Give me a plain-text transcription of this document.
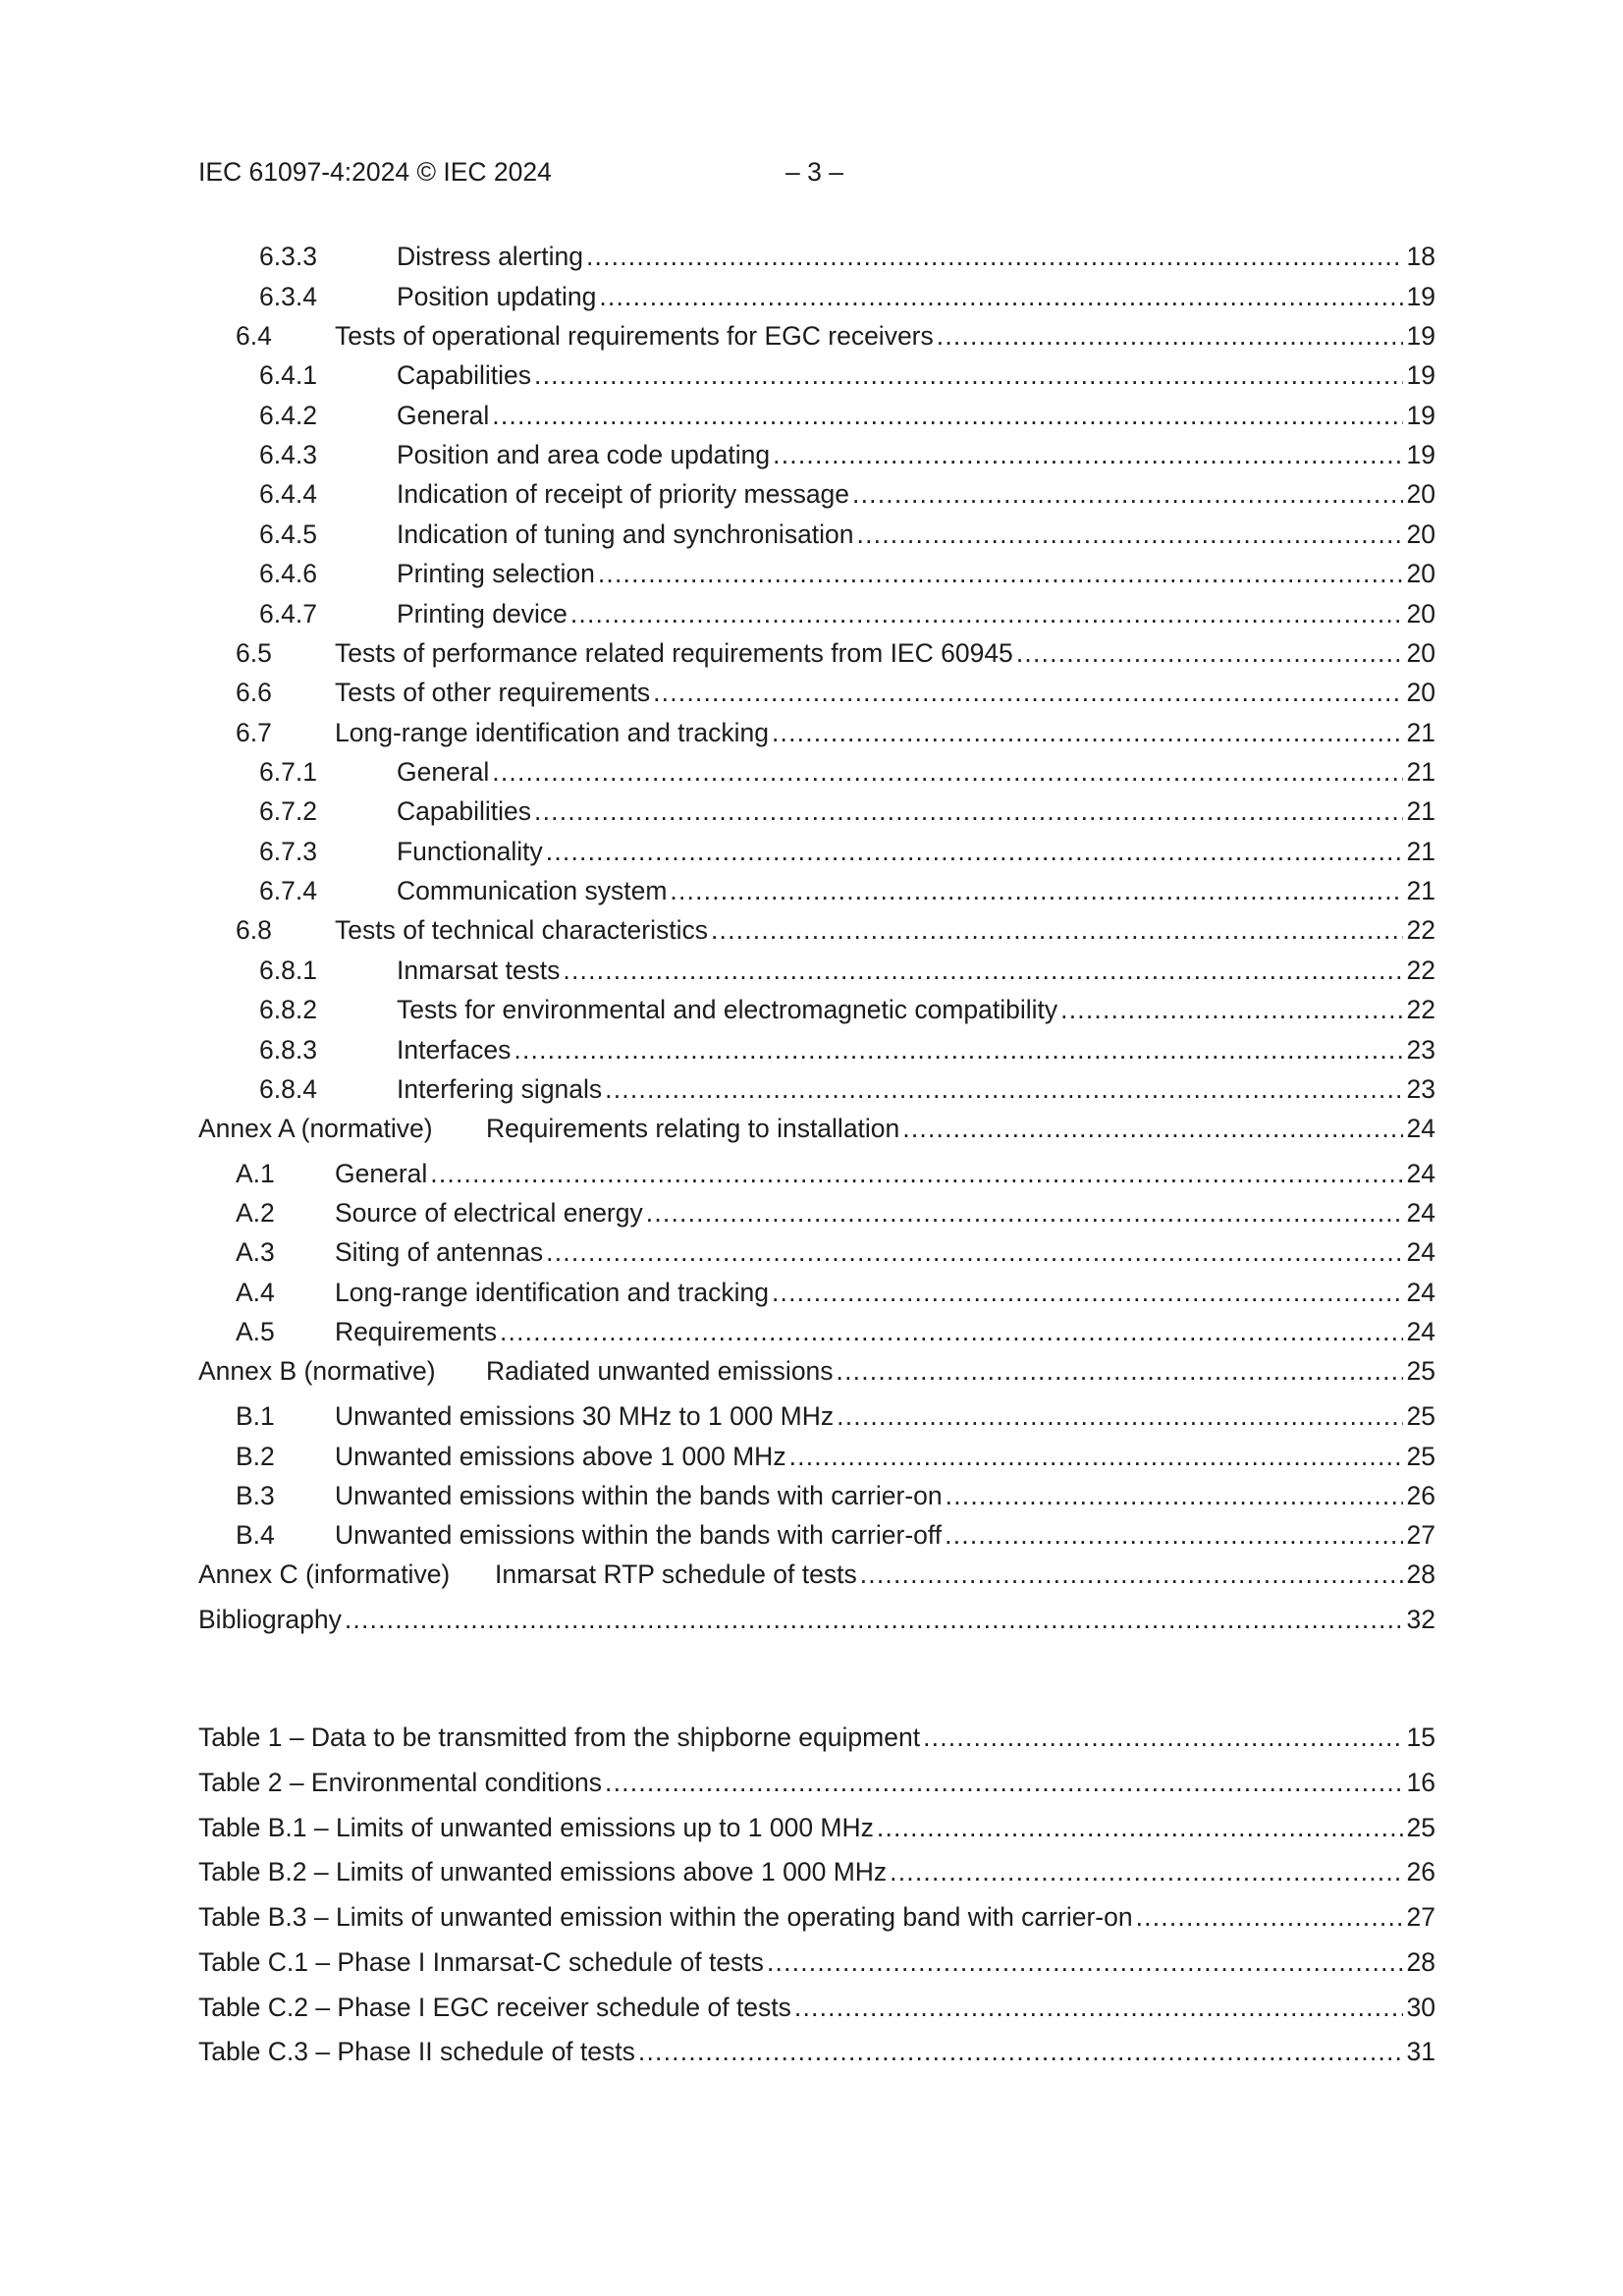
IEC 61097-4:2024 © IEC 2024	– 3 –
6.3.3	Distress alerting .....	18
6.3.4	Position updating .....	19
6.4 Tests of operational requirements for EGC receivers .....	19
6.4.1	Capabilities .....	19
6.4.2	General .....	19
6.4.3	Position and area code updating .....	19
6.4.4	Indication of receipt of priority message .....	20
6.4.5	Indication of tuning and synchronisation .....	20
6.4.6	Printing selection .....	20
6.4.7	Printing device .....	20
6.5 Tests of performance related requirements from IEC 60945 .....	20
6.6 Tests of other requirements .....	20
6.7 Long-range identification and tracking .....	21
6.7.1	General .....	21
6.7.2	Capabilities .....	21
6.7.3	Functionality .....	21
6.7.4	Communication system .....	21
6.8 Tests of technical characteristics .....	22
6.8.1	Inmarsat tests .....	22
6.8.2	Tests for environmental and electromagnetic compatibility .....	22
6.8.3	Interfaces .....	23
6.8.4	Interfering signals .....	23
Annex A (normative) Requirements relating to installation .....	24
A.1 General .....	24
A.2 Source of electrical energy .....	24
A.3 Siting of antennas .....	24
A.4 Long-range identification and tracking .....	24
A.5 Requirements .....	24
Annex B (normative) Radiated unwanted emissions .....	25
B.1 Unwanted emissions 30 MHz to 1 000 MHz .....	25
B.2 Unwanted emissions above 1 000 MHz .....	25
B.3 Unwanted emissions within the bands with carrier-on .....	26
B.4 Unwanted emissions within the bands with carrier-off .....	27
Annex C (informative) Inmarsat RTP schedule of tests .....	28
Bibliography .....	32
Table 1 – Data to be transmitted from the shipborne equipment .....	15
Table 2 – Environmental conditions .....	16
Table B.1 – Limits of unwanted emissions up to 1 000 MHz .....	25
Table B.2 – Limits of unwanted emissions above 1 000 MHz .....	26
Table B.3 – Limits of unwanted emission within the operating band with carrier-on .....	27
Table C.1 – Phase I Inmarsat-C schedule of tests .....	28
Table C.2 – Phase I EGC receiver schedule of tests .....	30
Table C.3 – Phase II schedule of tests .....	31
